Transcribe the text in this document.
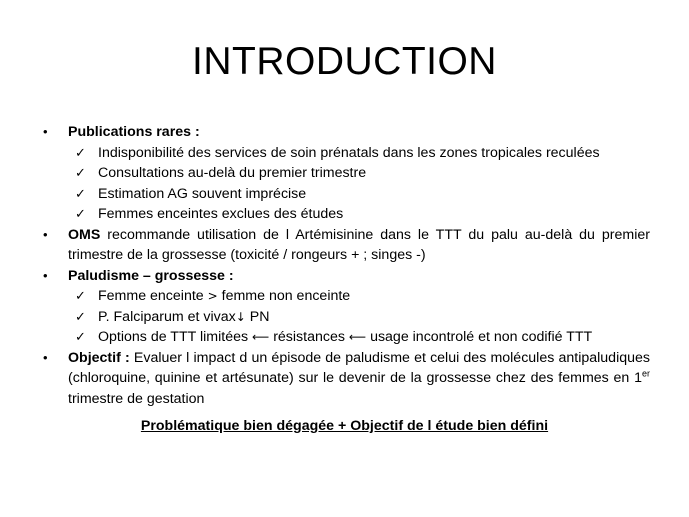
INTRODUCTION
• Publications rares :
✓ Indisponibilité des services de soin prénatals dans les zones tropicales reculées
✓ Consultations au-delà du premier trimestre
✓ Estimation AG souvent imprécise
✓ Femmes enceintes exclues des études
• OMS recommande utilisation de l Artémisinine dans le TTT du palu au-delà du premier trimestre de la grossesse (toxicité / rongeurs + ; singes -)
• Paludisme – grossesse :
✓ Femme enceinte > femme non enceinte
✓ P. Falciparum et vivax↓ PN
✓ Options de TTT limitées ⟵ résistances ⟵ usage incontrolé et non codifié TTT
• Objectif : Evaluer l impact d un épisode de paludisme et celui des molécules antipaludiques (chloroquine, quinine et artésunate) sur le devenir de la grossesse chez des femmes en 1er trimestre de gestation
Problématique bien dégagée + Objectif de l étude bien défini
